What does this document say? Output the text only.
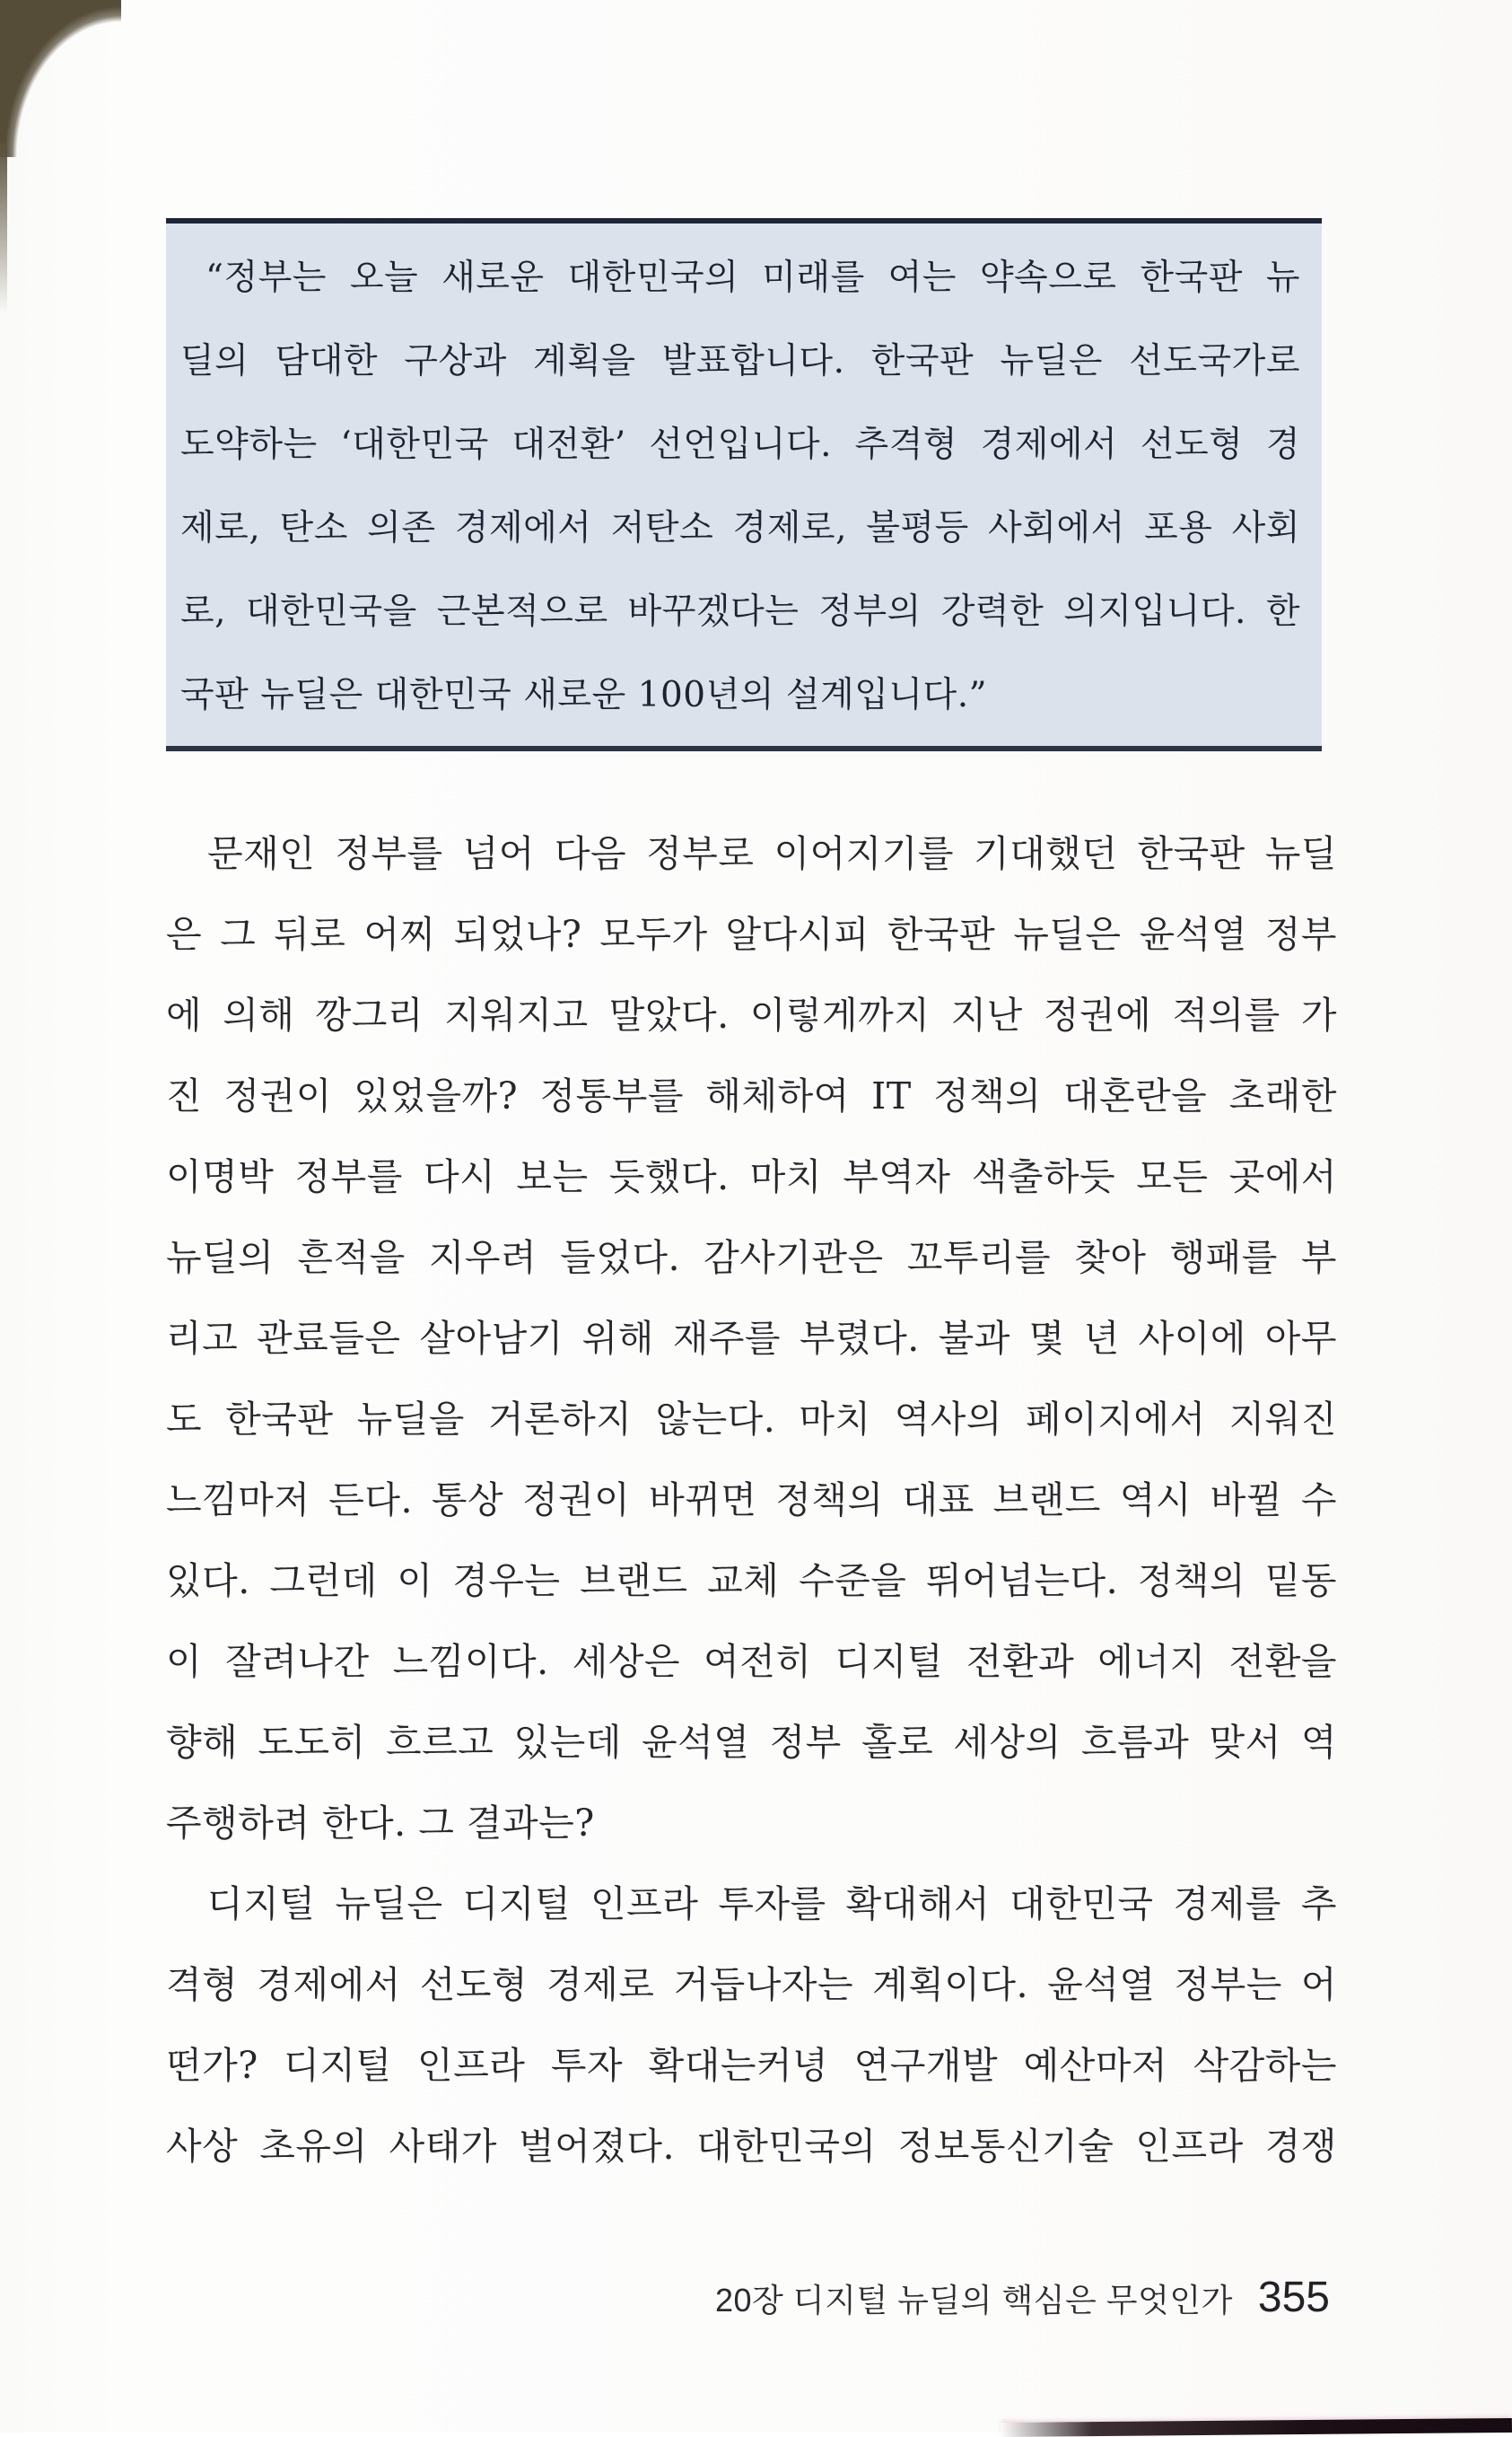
“정부는 오늘 새로운 대한민국의 미래를 여는 약속으로 한국판 뉴
딜의 담대한 구상과 계획을 발표합니다. 한국판 뉴딜은 선도국가로
도약하는 ‘대한민국 대전환’ 선언입니다. 추격형 경제에서 선도형 경
제로, 탄소 의존 경제에서 저탄소 경제로, 불평등 사회에서 포용 사회
로, 대한민국을 근본적으로 바꾸겠다는 정부의 강력한 의지입니다. 한
국판 뉴딜은 대한민국 새로운 100년의 설계입니다.”
문재인 정부를 넘어 다음 정부로 이어지기를 기대했던 한국판 뉴딜
은 그 뒤로 어찌 되었나? 모두가 알다시피 한국판 뉴딜은 윤석열 정부
에 의해 깡그리 지워지고 말았다. 이렇게까지 지난 정권에 적의를 가
진 정권이 있었을까? 정통부를 해체하여 IT 정책의 대혼란을 초래한
이명박 정부를 다시 보는 듯했다. 마치 부역자 색출하듯 모든 곳에서
뉴딜의 흔적을 지우려 들었다. 감사기관은 꼬투리를 찾아 행패를 부
리고 관료들은 살아남기 위해 재주를 부렸다. 불과 몇 년 사이에 아무
도 한국판 뉴딜을 거론하지 않는다. 마치 역사의 페이지에서 지워진
느낌마저 든다. 통상 정권이 바뀌면 정책의 대표 브랜드 역시 바뀔 수
있다. 그런데 이 경우는 브랜드 교체 수준을 뛰어넘는다. 정책의 밑동
이 잘려나간 느낌이다. 세상은 여전히 디지털 전환과 에너지 전환을
향해 도도히 흐르고 있는데 윤석열 정부 홀로 세상의 흐름과 맞서 역
주행하려 한다. 그 결과는?
디지털 뉴딜은 디지털 인프라 투자를 확대해서 대한민국 경제를 추
격형 경제에서 선도형 경제로 거듭나자는 계획이다. 윤석열 정부는 어
떤가? 디지털 인프라 투자 확대는커녕 연구개발 예산마저 삭감하는
사상 초유의 사태가 벌어졌다. 대한민국의 정보통신기술 인프라 경쟁
20장 디지털 뉴딜의 핵심은 무엇인가 355
